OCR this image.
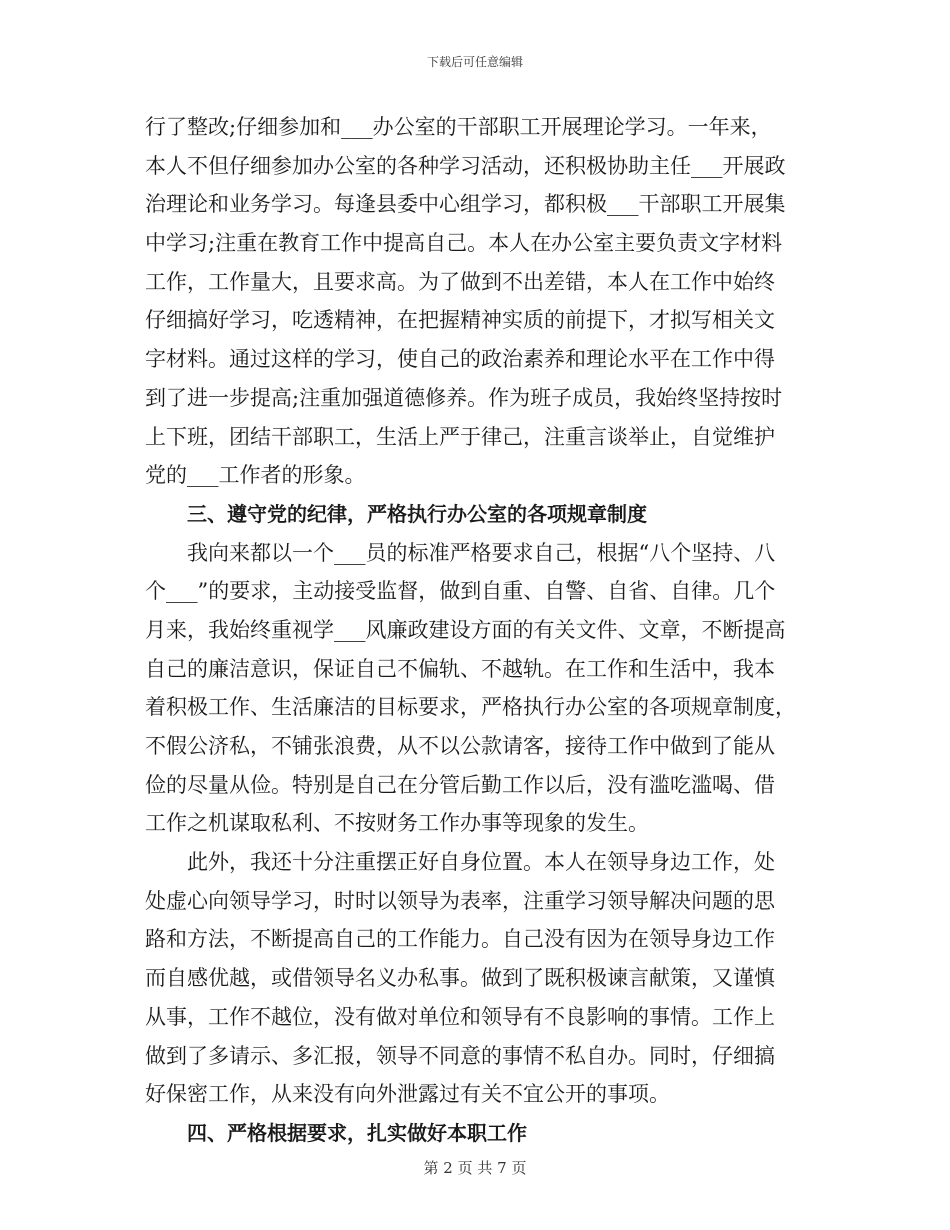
下载后可任意编辑
行了整改;仔细参加和___办公室的干部职工开展理论学习。一年来，
本人不但仔细参加办公室的各种学习活动，还积极协助主任___开展政
治理论和业务学习。每逢县委中心组学习，都积极___干部职工开展集
中学习;注重在教育工作中提高自己。本人在办公室主要负责文字材料
工作，工作量大，且要求高。为了做到不出差错，本人在工作中始终
仔细搞好学习，吃透精神，在把握精神实质的前提下，才拟写相关文
字材料。通过这样的学习，使自己的政治素养和理论水平在工作中得
到了进一步提高;注重加强道德修养。作为班子成员，我始终坚持按时
上下班，团结干部职工，生活上严于律己，注重言谈举止，自觉维护
党的___工作者的形象。
三、遵守党的纪律，严格执行办公室的各项规章制度
我向来都以一个___员的标准严格要求自己，根据“八个坚持、八
个___”的要求，主动接受监督，做到自重、自警、自省、自律。几个
月来，我始终重视学___风廉政建设方面的有关文件、文章，不断提高
自己的廉洁意识，保证自己不偏轨、不越轨。在工作和生活中，我本
着积极工作、生活廉洁的目标要求，严格执行办公室的各项规章制度，
不假公济私，不铺张浪费，从不以公款请客，接待工作中做到了能从
俭的尽量从俭。特别是自己在分管后勤工作以后，没有滥吃滥喝、借
工作之机谋取私利、不按财务工作办事等现象的发生。
此外，我还十分注重摆正好自身位置。本人在领导身边工作，处
处虚心向领导学习，时时以领导为表率，注重学习领导解决问题的思
路和方法，不断提高自己的工作能力。自己没有因为在领导身边工作
而自感优越，或借领导名义办私事。做到了既积极谏言献策，又谨慎
从事，工作不越位，没有做对单位和领导有不良影响的事情。工作上
做到了多请示、多汇报，领导不同意的事情不私自办。同时，仔细搞
好保密工作，从来没有向外泄露过有关不宜公开的事项。
四、严格根据要求，扎实做好本职工作
第 2 页 共 7 页
